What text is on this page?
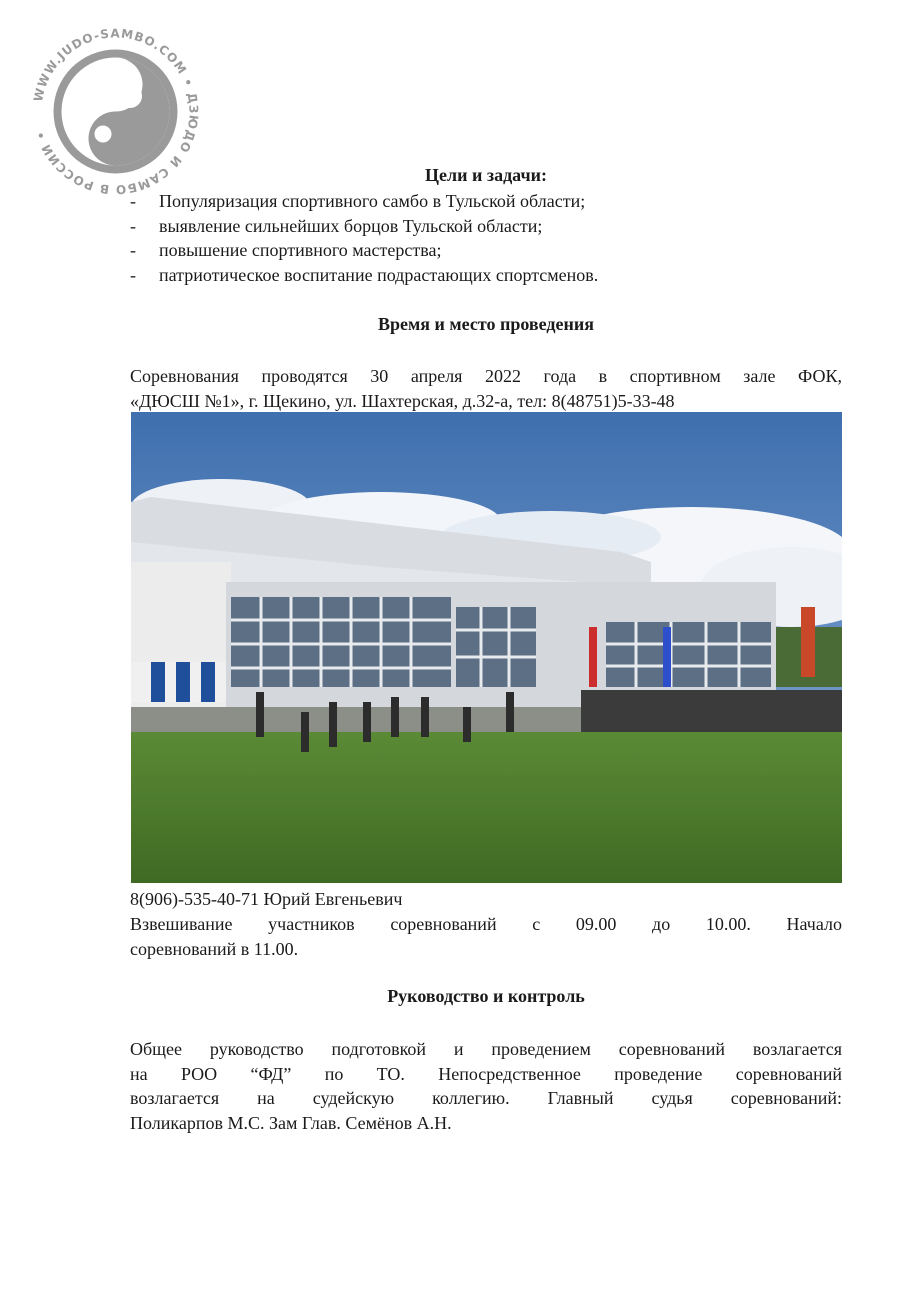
WWW.JUDO-SAMBO.COM • ДЗЮДО И САМБО В РОССИИ •
Цели и задачи:
- Популяризация спортивного самбо в Тульской области;
- выявление сильнейших борцов Тульской области;
- повышение спортивного мастерства;
- патриотическое воспитание подрастающих спортсменов.
Время и место проведения
Соревнования проводятся 30 апреля 2022 года в спортивном зале ФОК,
«ДЮСШ №1», г. Щекино, ул. Шахтерская, д.32-а, тел: 8(48751)5-33-48
8(906)-535-40-71 Юрий Евгеньевич
Взвешивание участников соревнований с 09.00 до 10.00. Начало
соревнований в 11.00.
Руководство и контроль
Общее руководство подготовкой и проведением соревнований возлагается
на РОО “ФД” по ТО. Непосредственное проведение соревнований
возлагается на судейскую коллегию. Главный судья соревнований:
Поликарпов М.С. Зам Глав. Семёнов А.Н.
